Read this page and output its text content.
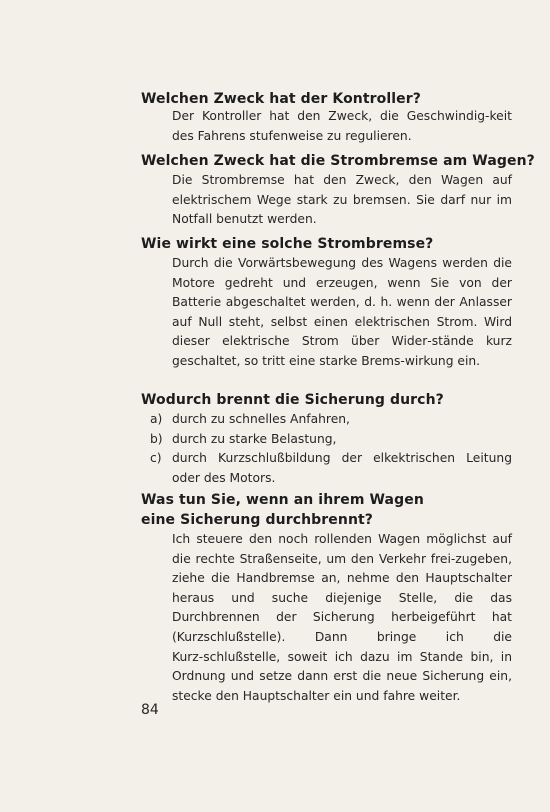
Welchen Zweck hat der Kontroller?
Der Kontroller hat den Zweck, die Geschwindig‑keit des Fahrens stufenweise zu regulieren.
Welchen Zweck hat die Strombremse am Wagen?
Die Strombremse hat den Zweck, den Wagen auf elektrischem Wege stark zu bremsen. Sie darf nur im Notfall benutzt werden.
Wie wirkt eine solche Strombremse?
Durch die Vorwärtsbewegung des Wagens werden die Motore gedreht und erzeugen, wenn Sie von der Batterie abgeschaltet werden, d. h. wenn der Anlasser auf Null steht, selbst einen elektrischen Strom. Wird dieser elektrische Strom über Wider‑stände kurz geschaltet, so tritt eine starke Brems‑wirkung ein.
Wodurch brennt die Sicherung durch?
a) durch zu schnelles Anfahren,
b) durch zu starke Belastung,
c) durch Kurzschlußbildung der elkektrischen Leitung oder des Motors.
Was tun Sie, wenn an ihrem Wagen
eine Sicherung durchbrennt?
Ich steuere den noch rollenden Wagen möglichst auf die rechte Straßenseite, um den Verkehr frei‑zugeben, ziehe die Handbremse an, nehme den Hauptschalter heraus und suche diejenige Stelle, die das Durchbrennen der Sicherung herbeigeführt hat (Kurzschlußstelle). Dann bringe ich die Kurz‑schlußstelle, soweit ich dazu im Stande bin, in Ordnung und setze dann erst die neue Sicherung ein, stecke den Hauptschalter ein und fahre weiter.
84
